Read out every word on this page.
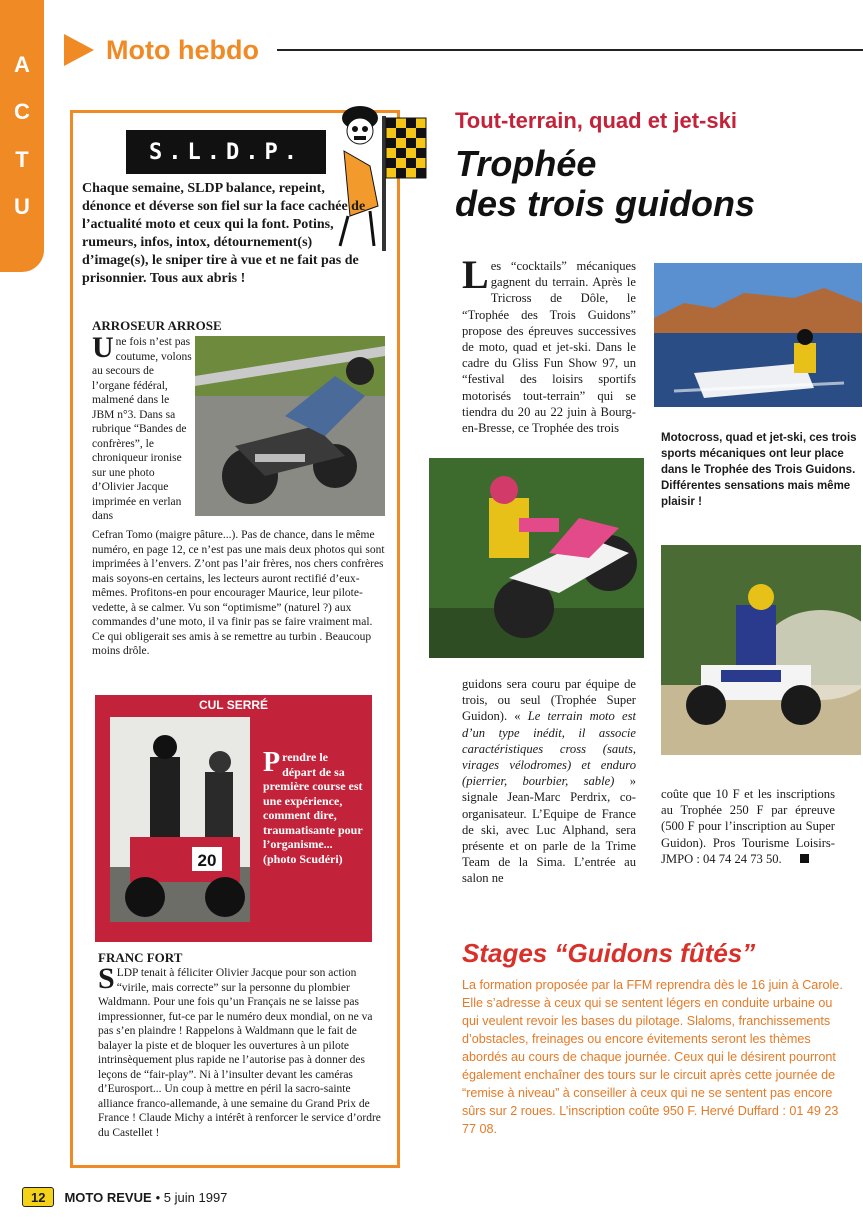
A
C
T
U
Moto hebdo
S.L.D.P.
Chaque semaine, SLDP balance, repeint, dénonce et déverse son fiel sur la face cachée de l’actualité moto et ceux qui la font. Potins, rumeurs, infos, intox, détournement(s) d’image(s), le sniper tire à vue et ne fait pas de prisonnier. Tous aux abris !
ARROSEUR ARROSE
Une fois n’est pas coutume, volons au secours de l’organe fédéral, malmené dans le JBM n°3. Dans sa rubrique “Bandes de confrères”, le chroniqueur ironise sur une photo d’Olivier Jacque imprimée en verlan dans
Cefran Tomo (maigre pâture...). Pas de chance, dans le même numéro, en page 12, ce n’est pas une mais deux photos qui sont imprimées à l’envers. Z’ont pas l’air frères, nos chers confrères mais soyons-en certains, les lecteurs auront rectifié d’eux-mêmes. Profitons-en pour encourager Maurice, leur pilote-vedette, à se calmer. Vu son “optimisme” (naturel ?) aux commandes d’une moto, il va finir pas se faire vraiment mal. Ce qui obligerait ses amis à se remettre au turbin . Beaucoup moins drôle.
CUL SERRÉ
20
Prendre le départ de sa première course est une expérience, comment dire, traumatisante pour l’organisme... (photo Scudéri)
FRANC FORT
SLDP tenait à féliciter Olivier Jacque pour son action “virile, mais correcte” sur la personne du plombier Waldmann. Pour une fois qu’un Français ne se laisse pas impressionner, fut-ce par le numéro deux mondial, on ne va pas s’en plaindre ! Rappelons à Waldmann que le fait de balayer la piste et de bloquer les ouvertures à un pilote intrinsèquement plus rapide ne l’autorise pas à donner des leçons de “fair-play”. Ni à l’insulter devant les caméras d’Eurosport... Un coup à mettre en péril la sacro-sainte alliance franco-allemande, à une semaine du Grand Prix de France ! Claude Michy a intérêt à renforcer le service d’ordre du Castellet !
Tout-terrain, quad et jet-ski
Trophée
des trois guidons
Les “cocktails” mécaniques gagnent du terrain. Après le Tricross de Dôle, le “Trophée des Trois Guidons” propose des épreuves successives de moto, quad et jet-ski. Dans le cadre du Gliss Fun Show 97, un “festival des loisirs sportifs motorisés tout-terrain” qui se tiendra du 20 au 22 juin à Bourg-en-Bresse, ce Trophée des trois
Motocross, quad et jet-ski, ces trois sports mécaniques ont leur place dans le Trophée des Trois Guidons. Différentes sensations mais même plaisir !
guidons sera couru par équipe de trois, ou seul (Trophée Super Guidon). « Le terrain moto est d’un type inédit, il associe caractéristiques cross (sauts, virages vélodromes) et enduro (pierrier, bourbier, sable) » signale Jean-Marc Perdrix, co-organisateur. L’Equipe de France de ski, avec Luc Alphand, sera présente et on parle de la Trime Team de la Sima. L’entrée au salon ne
coûte que 10 F et les inscriptions au Trophée 250 F par épreuve (500 F pour l’inscription au Super Guidon). Pros Tourisme Loisirs-JMPO : 04 74 24 73 50.
Stages “Guidons fûtés”
La formation proposée par la FFM reprendra dès le 16 juin à Carole. Elle s’adresse à ceux qui se sentent légers en conduite urbaine ou qui veulent revoir les bases du pilotage. Slaloms, franchissements d’obstacles, freinages ou encore évitements seront les thèmes abordés au cours de chaque journée. Ceux qui le désirent pourront également enchaîner des tours sur le circuit après cette journée de “remise à niveau” à conseiller à ceux qui ne se sentent pas encore sûrs sur 2 roues. L’inscription coûte 950 F. Hervé Duffard : 01 49 23 77 08.
12	MOTO REVUE • 5 juin 1997
